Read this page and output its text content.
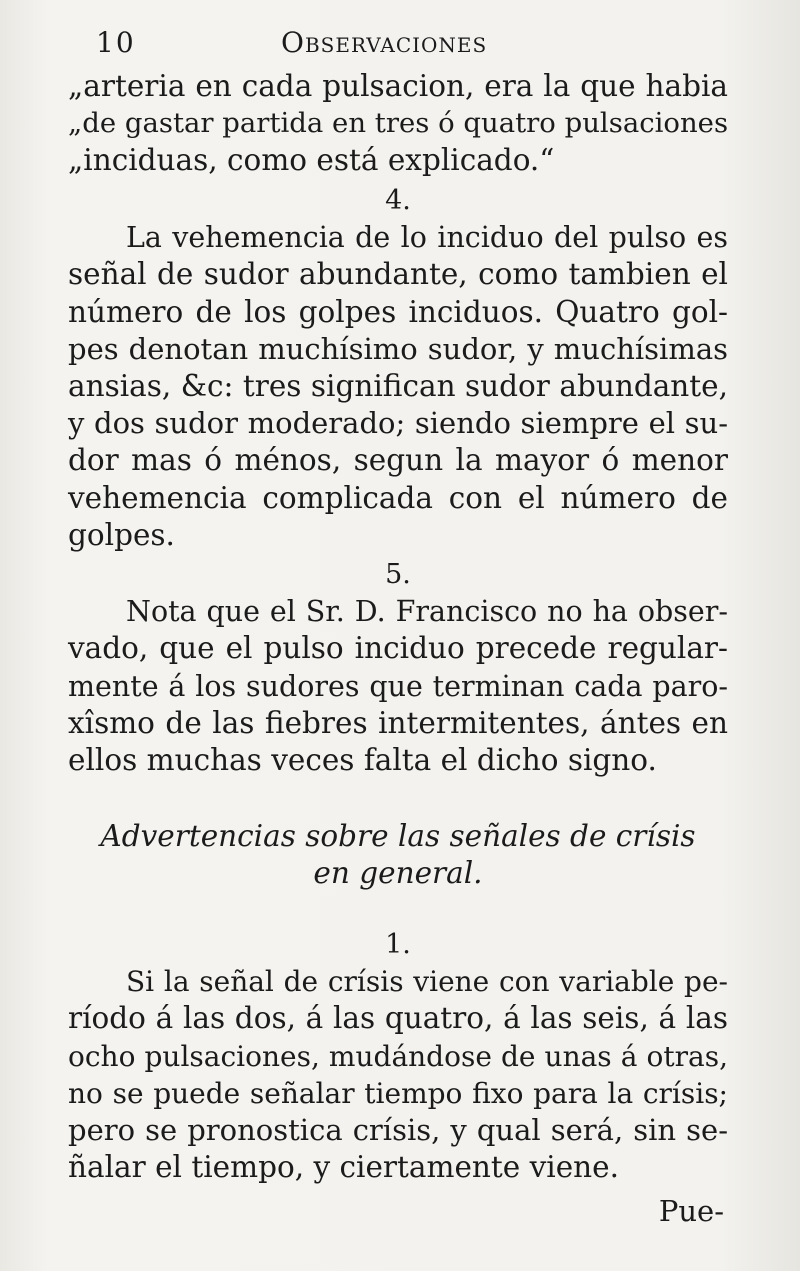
10	Observaciones
„arteria en cada pulsacion, era la que habia
„de gastar partida en tres ó quatro pulsaciones
„inciduas, como está explicado.“
4.
La vehemencia de lo inciduo del pulso es
señal de sudor abundante, como tambien el
número de los golpes inciduos. Quatro gol-
pes denotan muchísimo sudor, y muchísimas
ansias, &c: tres significan sudor abundante,
y dos sudor moderado; siendo siempre el su-
dor mas ó ménos, segun la mayor ó menor
vehemencia complicada con el número de
golpes.
5.
Nota que el Sr. D. Francisco no ha obser-
vado, que el pulso inciduo precede regular-
mente á los sudores que terminan cada paro-
xîsmo de las fiebres intermitentes, ántes en
ellos muchas veces falta el dicho signo.
Advertencias sobre las señales de crísis
en general.
1.
Si la señal de crísis viene con variable pe-
ríodo á las dos, á las quatro, á las seis, á las
ocho pulsaciones, mudándose de unas á otras,
no se puede señalar tiempo fixo para la crísis;
pero se pronostica crísis, y qual será, sin se-
ñalar el tiempo, y ciertamente viene.
Pue-
